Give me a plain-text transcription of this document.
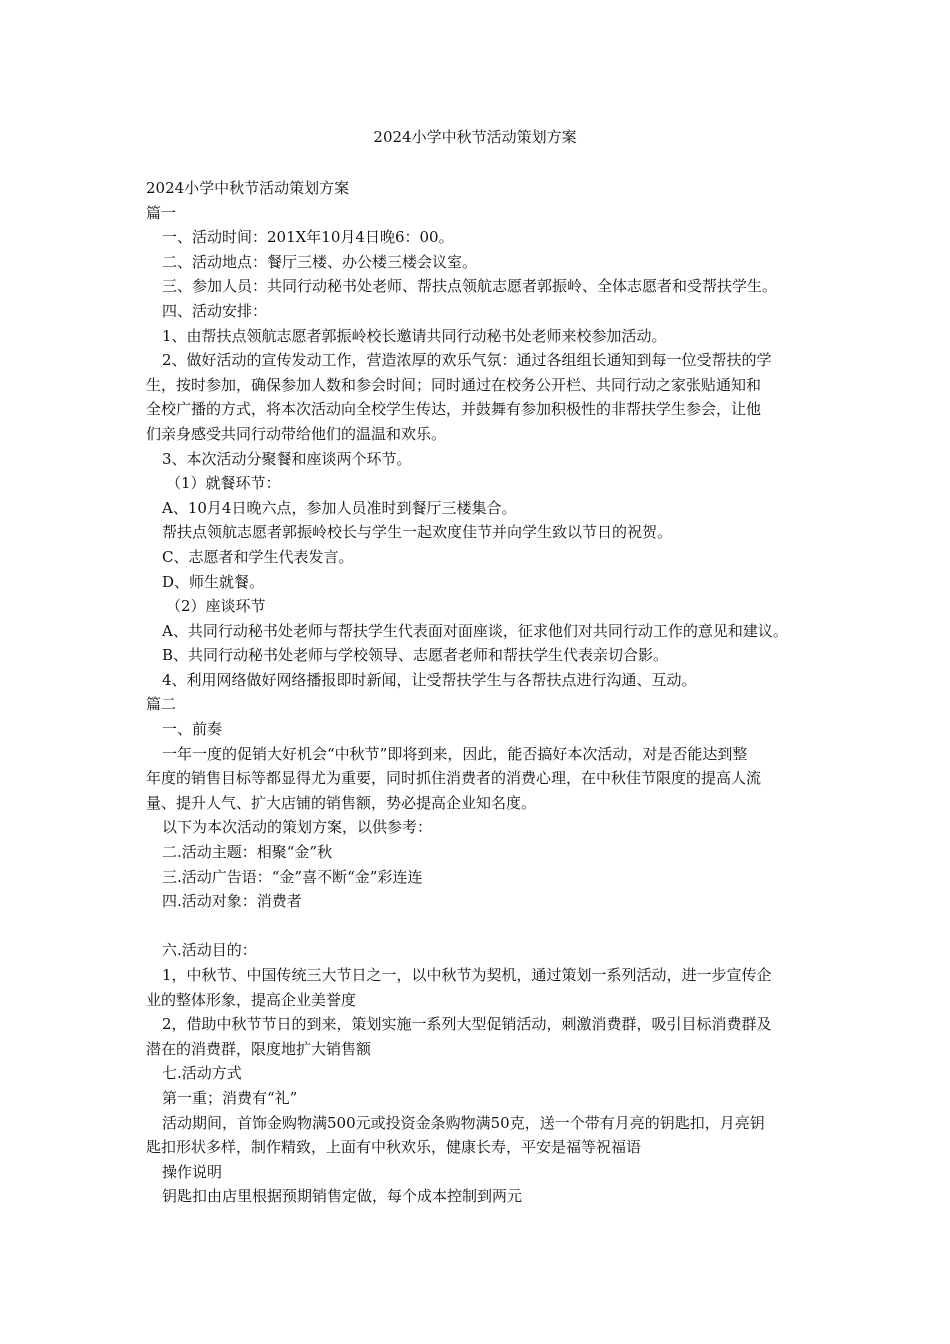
2024小学中秋节活动策划方案
2024小学中秋节活动策划方案
篇一
一、活动时间：201X年10月4日晚6：00。
二、活动地点：餐厅三楼、办公楼三楼会议室。
三、参加人员：共同行动秘书处老师、帮扶点领航志愿者郭振岭、全体志愿者和受帮扶学生。
四、活动安排：
1、由帮扶点领航志愿者郭振岭校长邀请共同行动秘书处老师来校参加活动。
2、做好活动的宣传发动工作，营造浓厚的欢乐气氛：通过各组组长通知到每一位受帮扶的学
生，按时参加，确保参加人数和参会时间；同时通过在校务公开栏、共同行动之家张贴通知和
全校广播的方式，将本次活动向全校学生传达，并鼓舞有参加积极性的非帮扶学生参会，让他
们亲身感受共同行动带给他们的温温和欢乐。
3、本次活动分聚餐和座谈两个环节。
（1）就餐环节：
A、10月4日晚六点，参加人员准时到餐厅三楼集合。
帮扶点领航志愿者郭振岭校长与学生一起欢度佳节并向学生致以节日的祝贺。
C、志愿者和学生代表发言。
D、师生就餐。
（2）座谈环节
A、共同行动秘书处老师与帮扶学生代表面对面座谈，征求他们对共同行动工作的意见和建议。
B、共同行动秘书处老师与学校领导、志愿者老师和帮扶学生代表亲切合影。
4、利用网络做好网络播报即时新闻，让受帮扶学生与各帮扶点进行沟通、互动。
篇二
一、前奏
一年一度的促销大好机会“中秋节”即将到来，因此，能否搞好本次活动，对是否能达到整
年度的销售目标等都显得尤为重要，同时抓住消费者的消费心理，在中秋佳节限度的提高人流
量、提升人气、扩大店铺的销售额，势必提高企业知名度。
以下为本次活动的策划方案，以供参考：
二.活动主题：相聚“金”秋
三.活动广告语：“金”喜不断“金”彩连连
四.活动对象：消费者
六.活动目的：
1，中秋节、中国传统三大节日之一，以中秋节为契机，通过策划一系列活动，进一步宣传企
业的整体形象，提高企业美誉度
2，借助中秋节节日的到来，策划实施一系列大型促销活动，刺激消费群，吸引目标消费群及
潜在的消费群，限度地扩大销售额
七.活动方式
第一重；消费有“礼”
活动期间，首饰金购物满500元或投资金条购物满50克，送一个带有月亮的钥匙扣，月亮钥
匙扣形状多样，制作精致，上面有中秋欢乐，健康长寿，平安是福等祝福语
操作说明
钥匙扣由店里根据预期销售定做，每个成本控制到两元
